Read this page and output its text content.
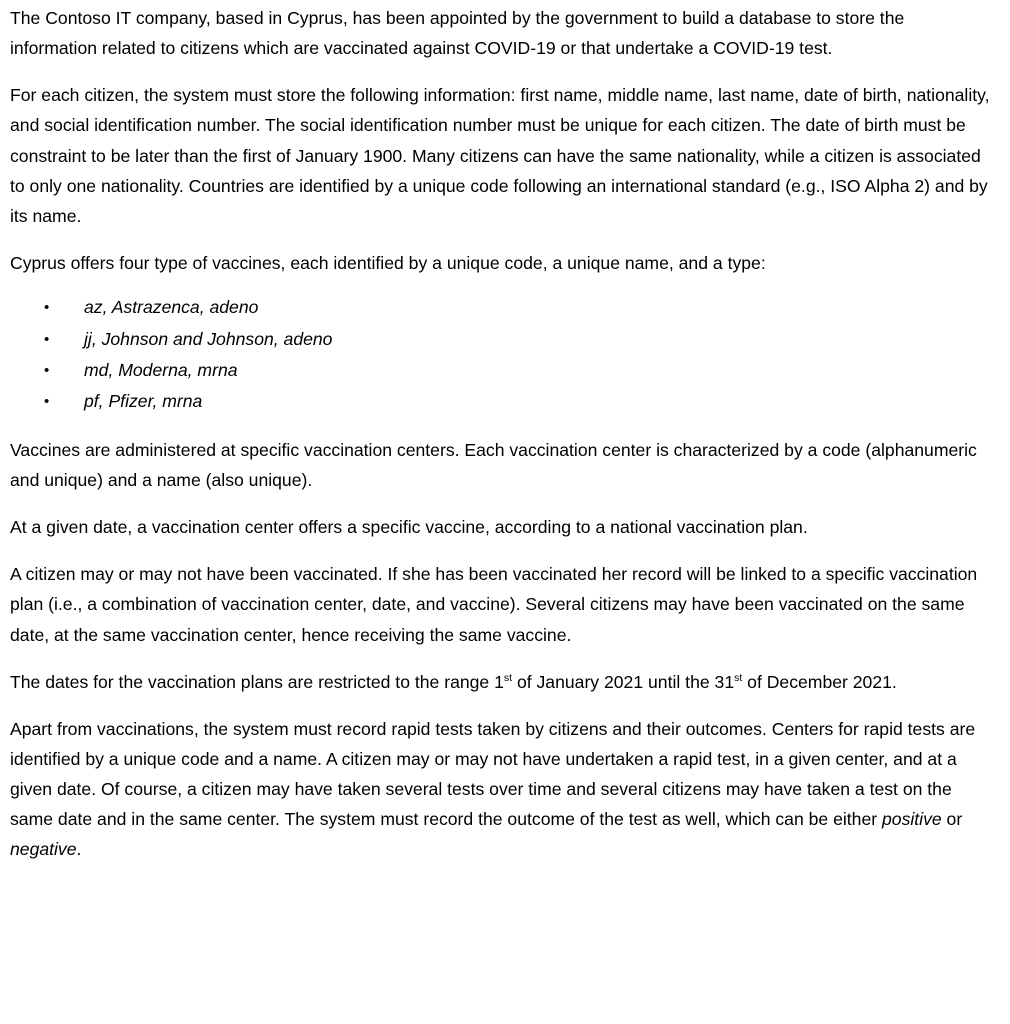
The Contoso IT company, based in Cyprus, has been appointed by the government to build a database to store the information related to citizens which are vaccinated against COVID-19 or that undertake a COVID-19 test.

For each citizen, the system must store the following information: first name, middle name, last name, date of birth, nationality, and social identification number. The social identification number must be unique for each citizen. The date of birth must be constraint to be later than the first of January 1900. Many citizens can have the same nationality, while a citizen is associated to only one nationality. Countries are identified by a unique code following an international standard (e.g., ISO Alpha 2) and by its name.

Cyprus offers four type of vaccines, each identified by a unique code, a unique name, and a type:

• az, Astrazenca, adeno
• jj, Johnson and Johnson, adeno
• md, Moderna, mrna
• pf, Pfizer, mrna

Vaccines are administered at specific vaccination centers. Each vaccination center is characterized by a code (alphanumeric and unique) and a name (also unique).

At a given date, a vaccination center offers a specific vaccine, according to a national vaccination plan.

A citizen may or may not have been vaccinated. If she has been vaccinated her record will be linked to a specific vaccination plan (i.e., a combination of vaccination center, date, and vaccine). Several citizens may have been vaccinated on the same date, at the same vaccination center, hence receiving the same vaccine.

The dates for the vaccination plans are restricted to the range 1st of January 2021 until the 31st of December 2021.

Apart from vaccinations, the system must record rapid tests taken by citizens and their outcomes. Centers for rapid tests are identified by a unique code and a name. A citizen may or may not have undertaken a rapid test, in a given center, and at a given date. Of course, a citizen may have taken several tests over time and several citizens may have taken a test on the same date and in the same center. The system must record the outcome of the test as well, which can be either positive or negative.
